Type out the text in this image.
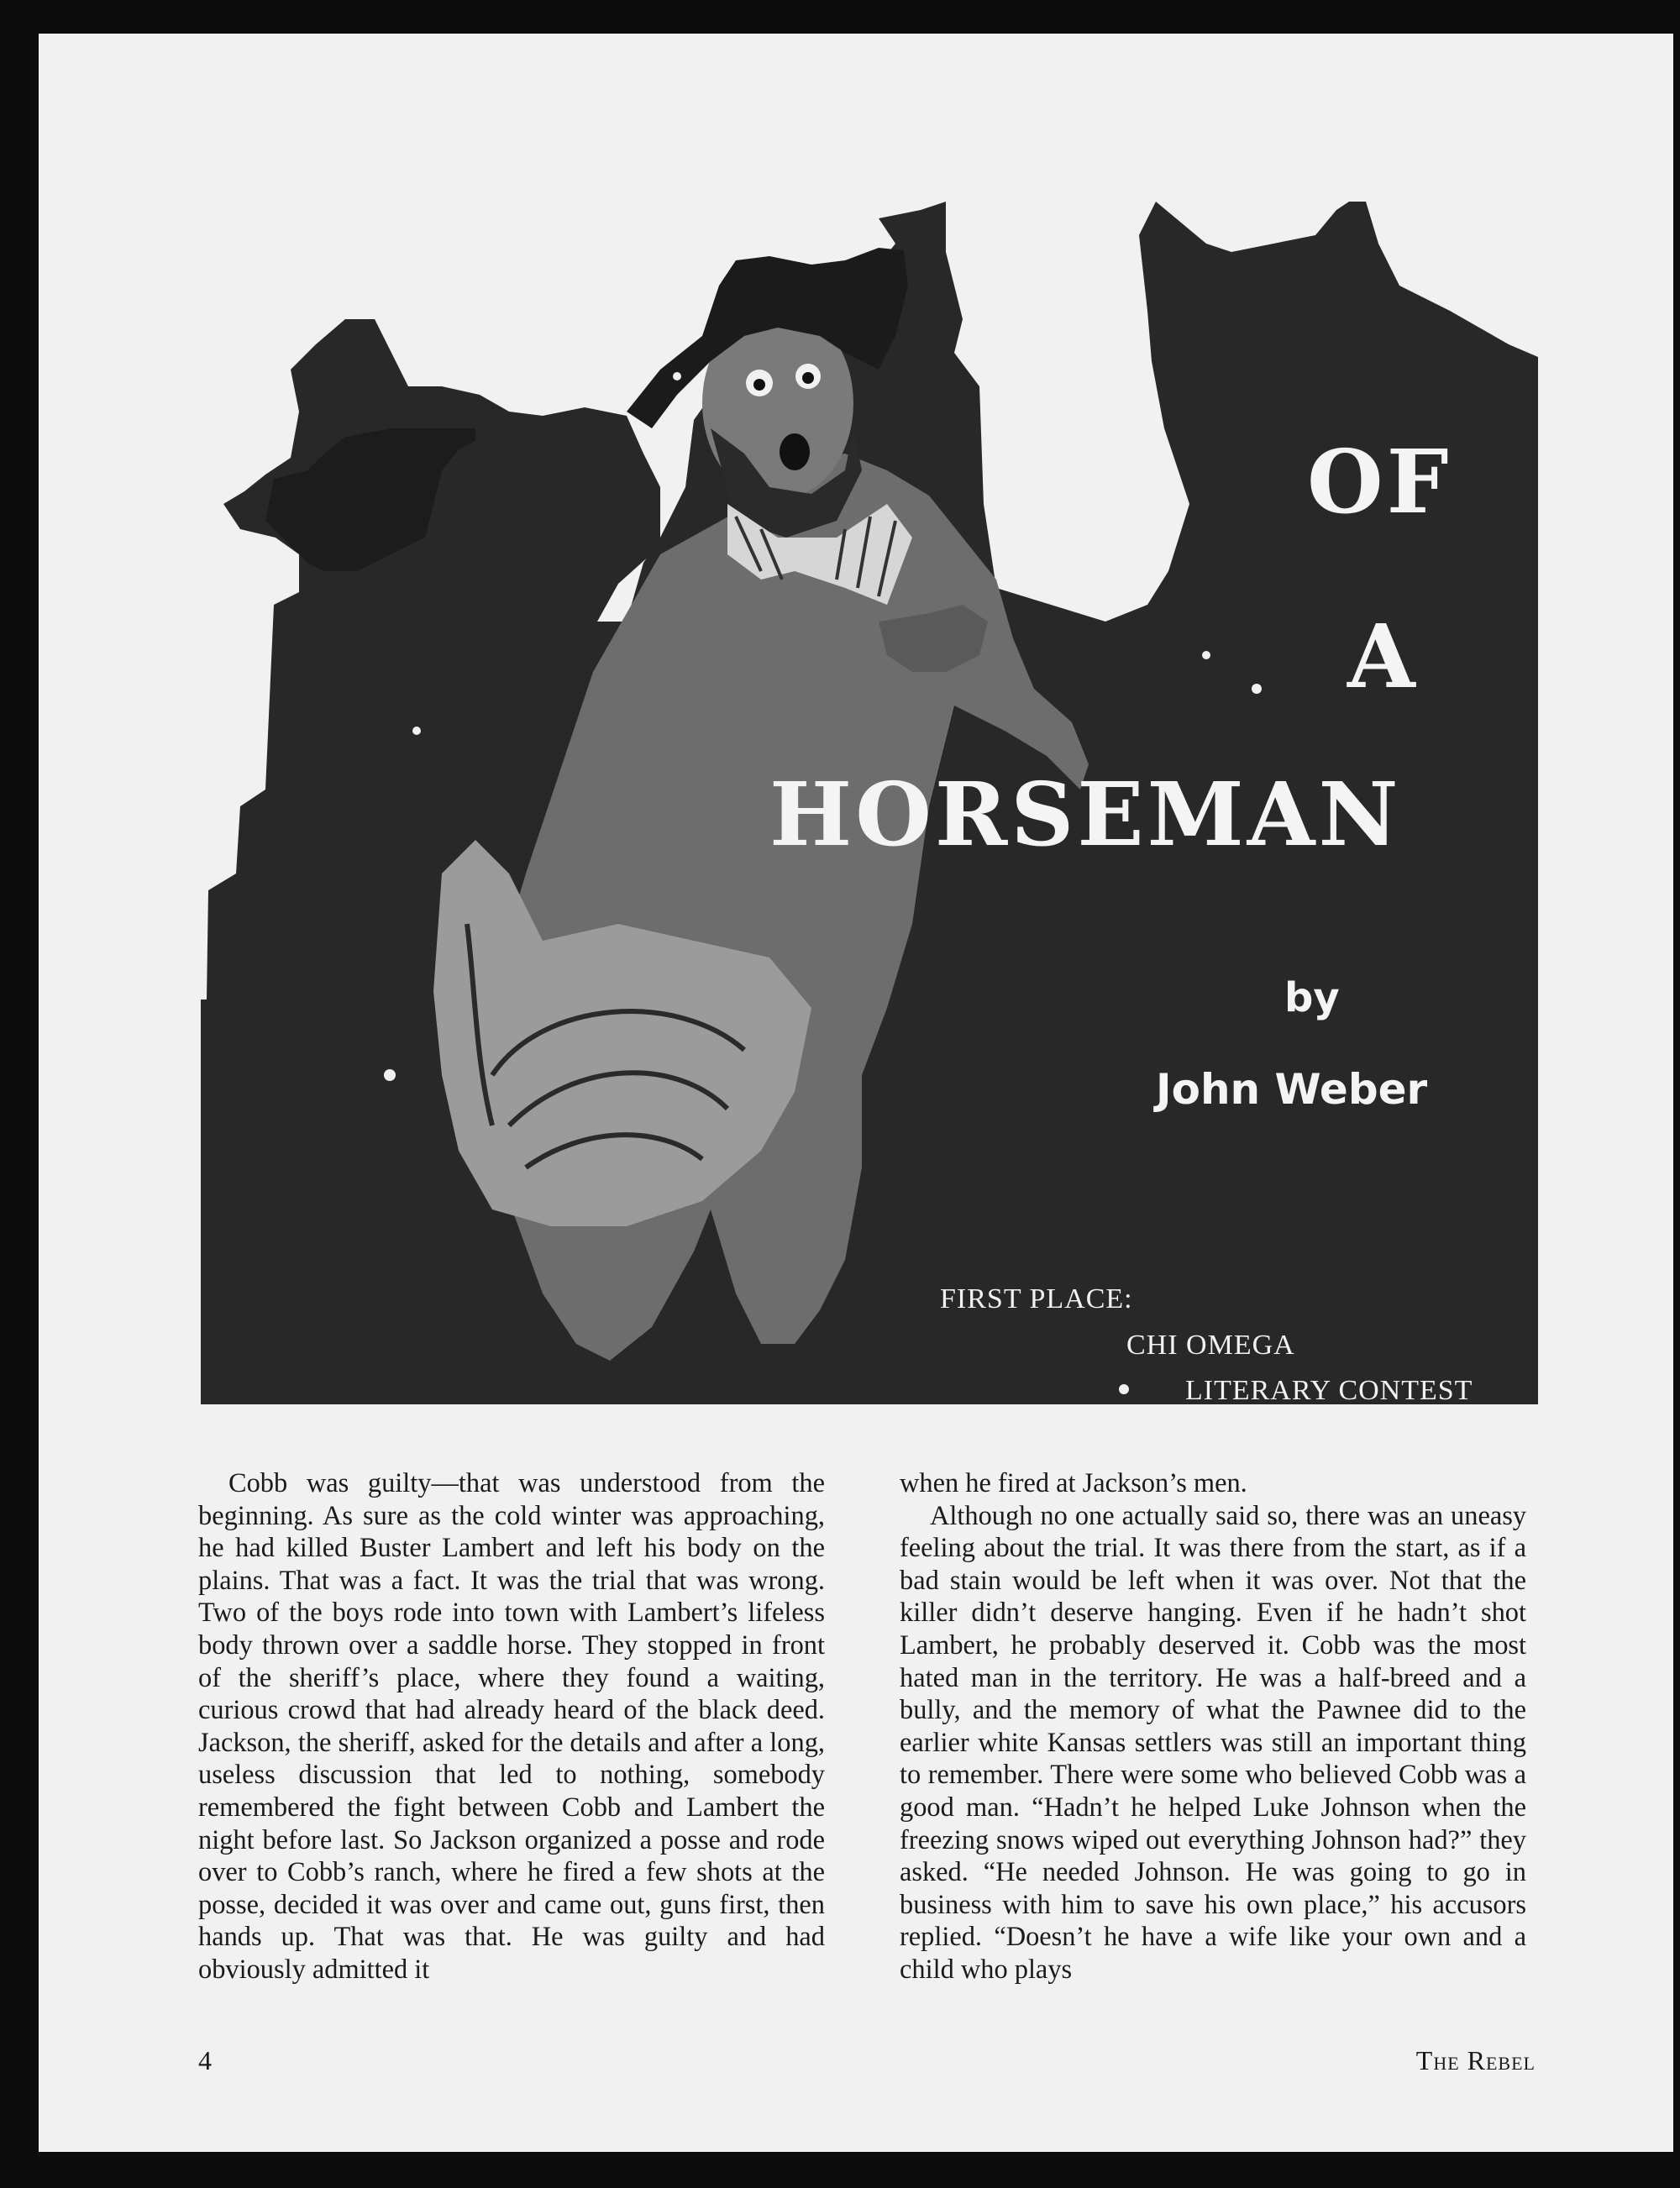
OF
A
HORSEMAN
by
John Weber
FIRST PLACE:
CHI OMEGA
LITERARY CONTEST

Cobb was guilty—that was understood from the beginning. As sure as the cold winter was approaching, he had killed Buster Lambert and left his body on the plains. That was a fact. It was the trial that was wrong. Two of the boys rode into town with Lambert’s lifeless body thrown over a saddle horse. They stopped in front of the sheriff’s place, where they found a waiting, curious crowd that had already heard of the black deed. Jackson, the sheriff, asked for the details and after a long, useless discussion that led to nothing, somebody remembered the fight between Cobb and Lambert the night before last. So Jackson organized a posse and rode over to Cobb’s ranch, where he fired a few shots at the posse, decided it was over and came out, guns first, then hands up. That was that. He was guilty and had obviously admitted it

when he fired at Jackson’s men.

Although no one actually said so, there was an uneasy feeling about the trial. It was there from the start, as if a bad stain would be left when it was over. Not that the killer didn’t deserve hanging. Even if he hadn’t shot Lambert, he probably deserved it. Cobb was the most hated man in the territory. He was a half-breed and a bully, and the memory of what the Pawnee did to the earlier white Kansas settlers was still an important thing to remember. There were some who believed Cobb was a good man. “Hadn’t he helped Luke Johnson when the freezing snows wiped out everything Johnson had?” they asked. “He needed Johnson. He was going to go in business with him to save his own place,” his accusors replied. “Doesn’t he have a wife like your own and a child who plays

4	The Rebel
